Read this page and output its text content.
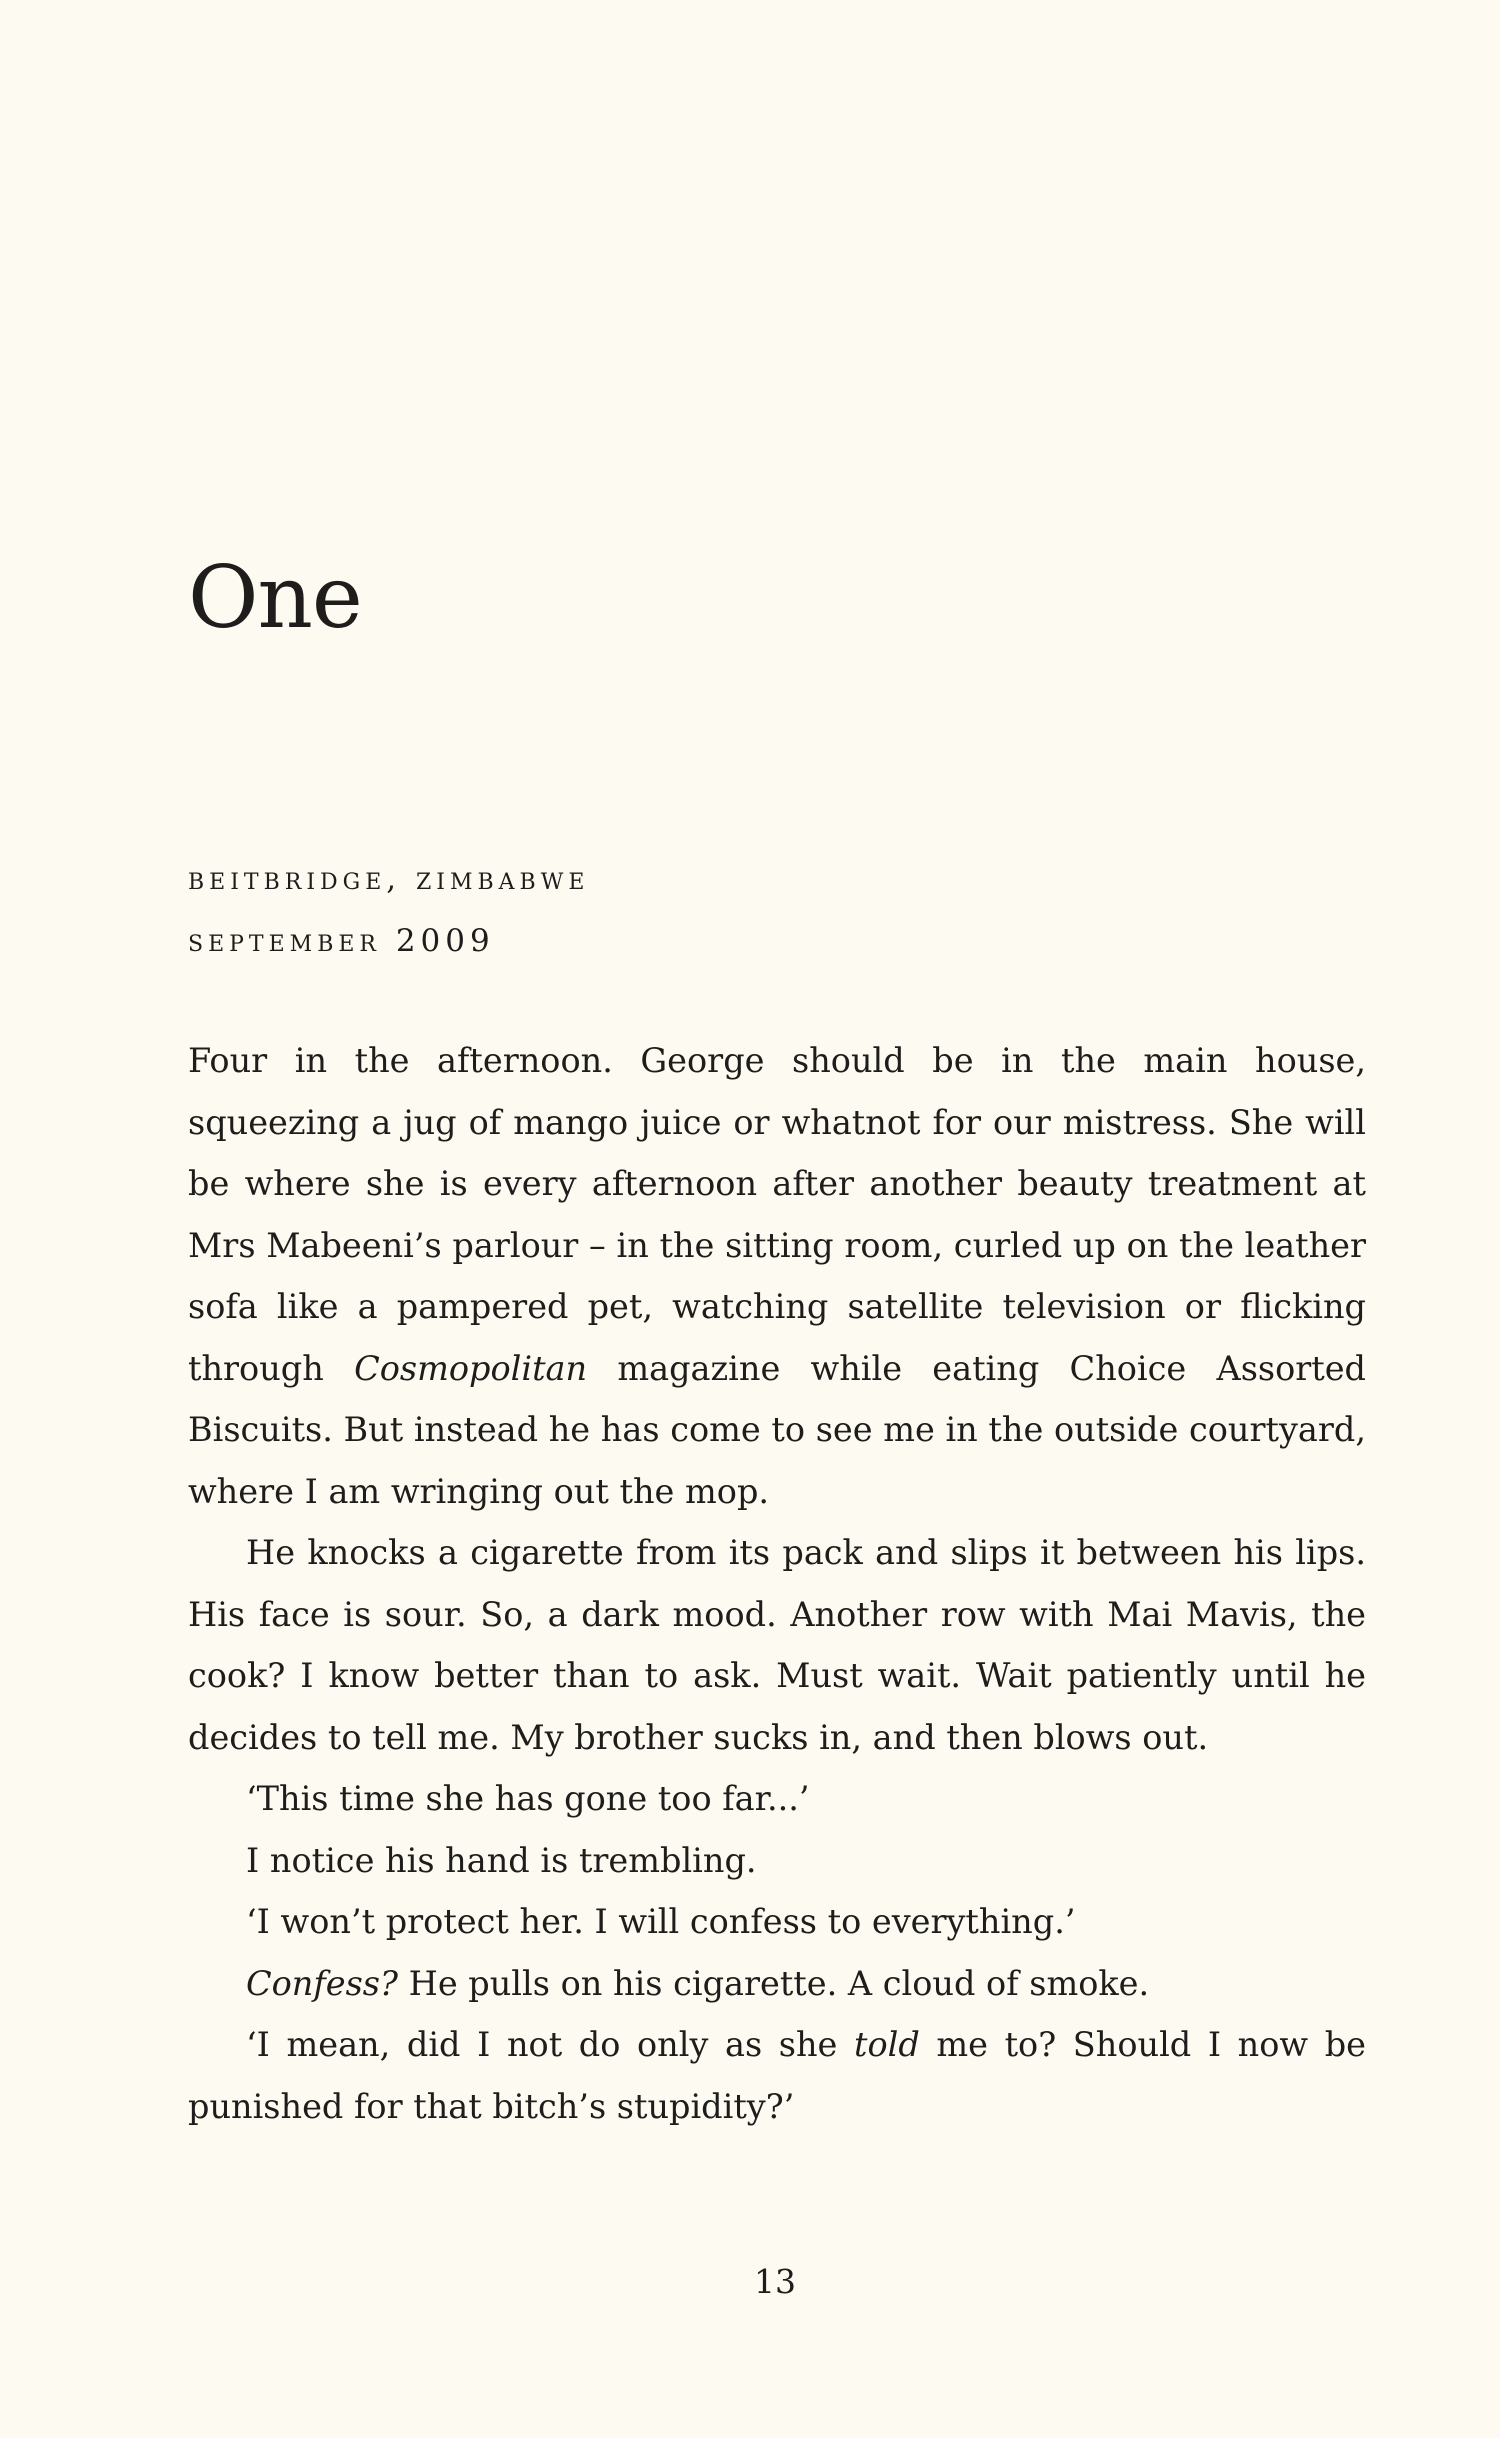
One
beitbridge, zimbabwe
september 2009

Four in the afternoon. George should be in the main house, squeezing a jug of mango juice or whatnot for our mistress. She will be where she is every afternoon after another beauty treatment at Mrs Mabeeni’s parlour – in the sitting room, curled up on the leather sofa like a pampered pet, watching satellite television or flicking through Cosmopolitan magazine while eating Choice Assorted Biscuits. But instead he has come to see me in the outside courtyard, where I am wringing out the mop.

He knocks a cigarette from its pack and slips it between his lips. His face is sour. So, a dark mood. Another row with Mai Mavis, the cook? I know better than to ask. Must wait. Wait patiently until he decides to tell me. My brother sucks in, and then blows out.

‘This time she has gone too far...’

I notice his hand is trembling.

‘I won’t protect her. I will confess to everything.’

Confess? He pulls on his cigarette. A cloud of smoke.

‘I mean, did I not do only as she told me to? Should I now be punished for that bitch’s stupidity?’

13
